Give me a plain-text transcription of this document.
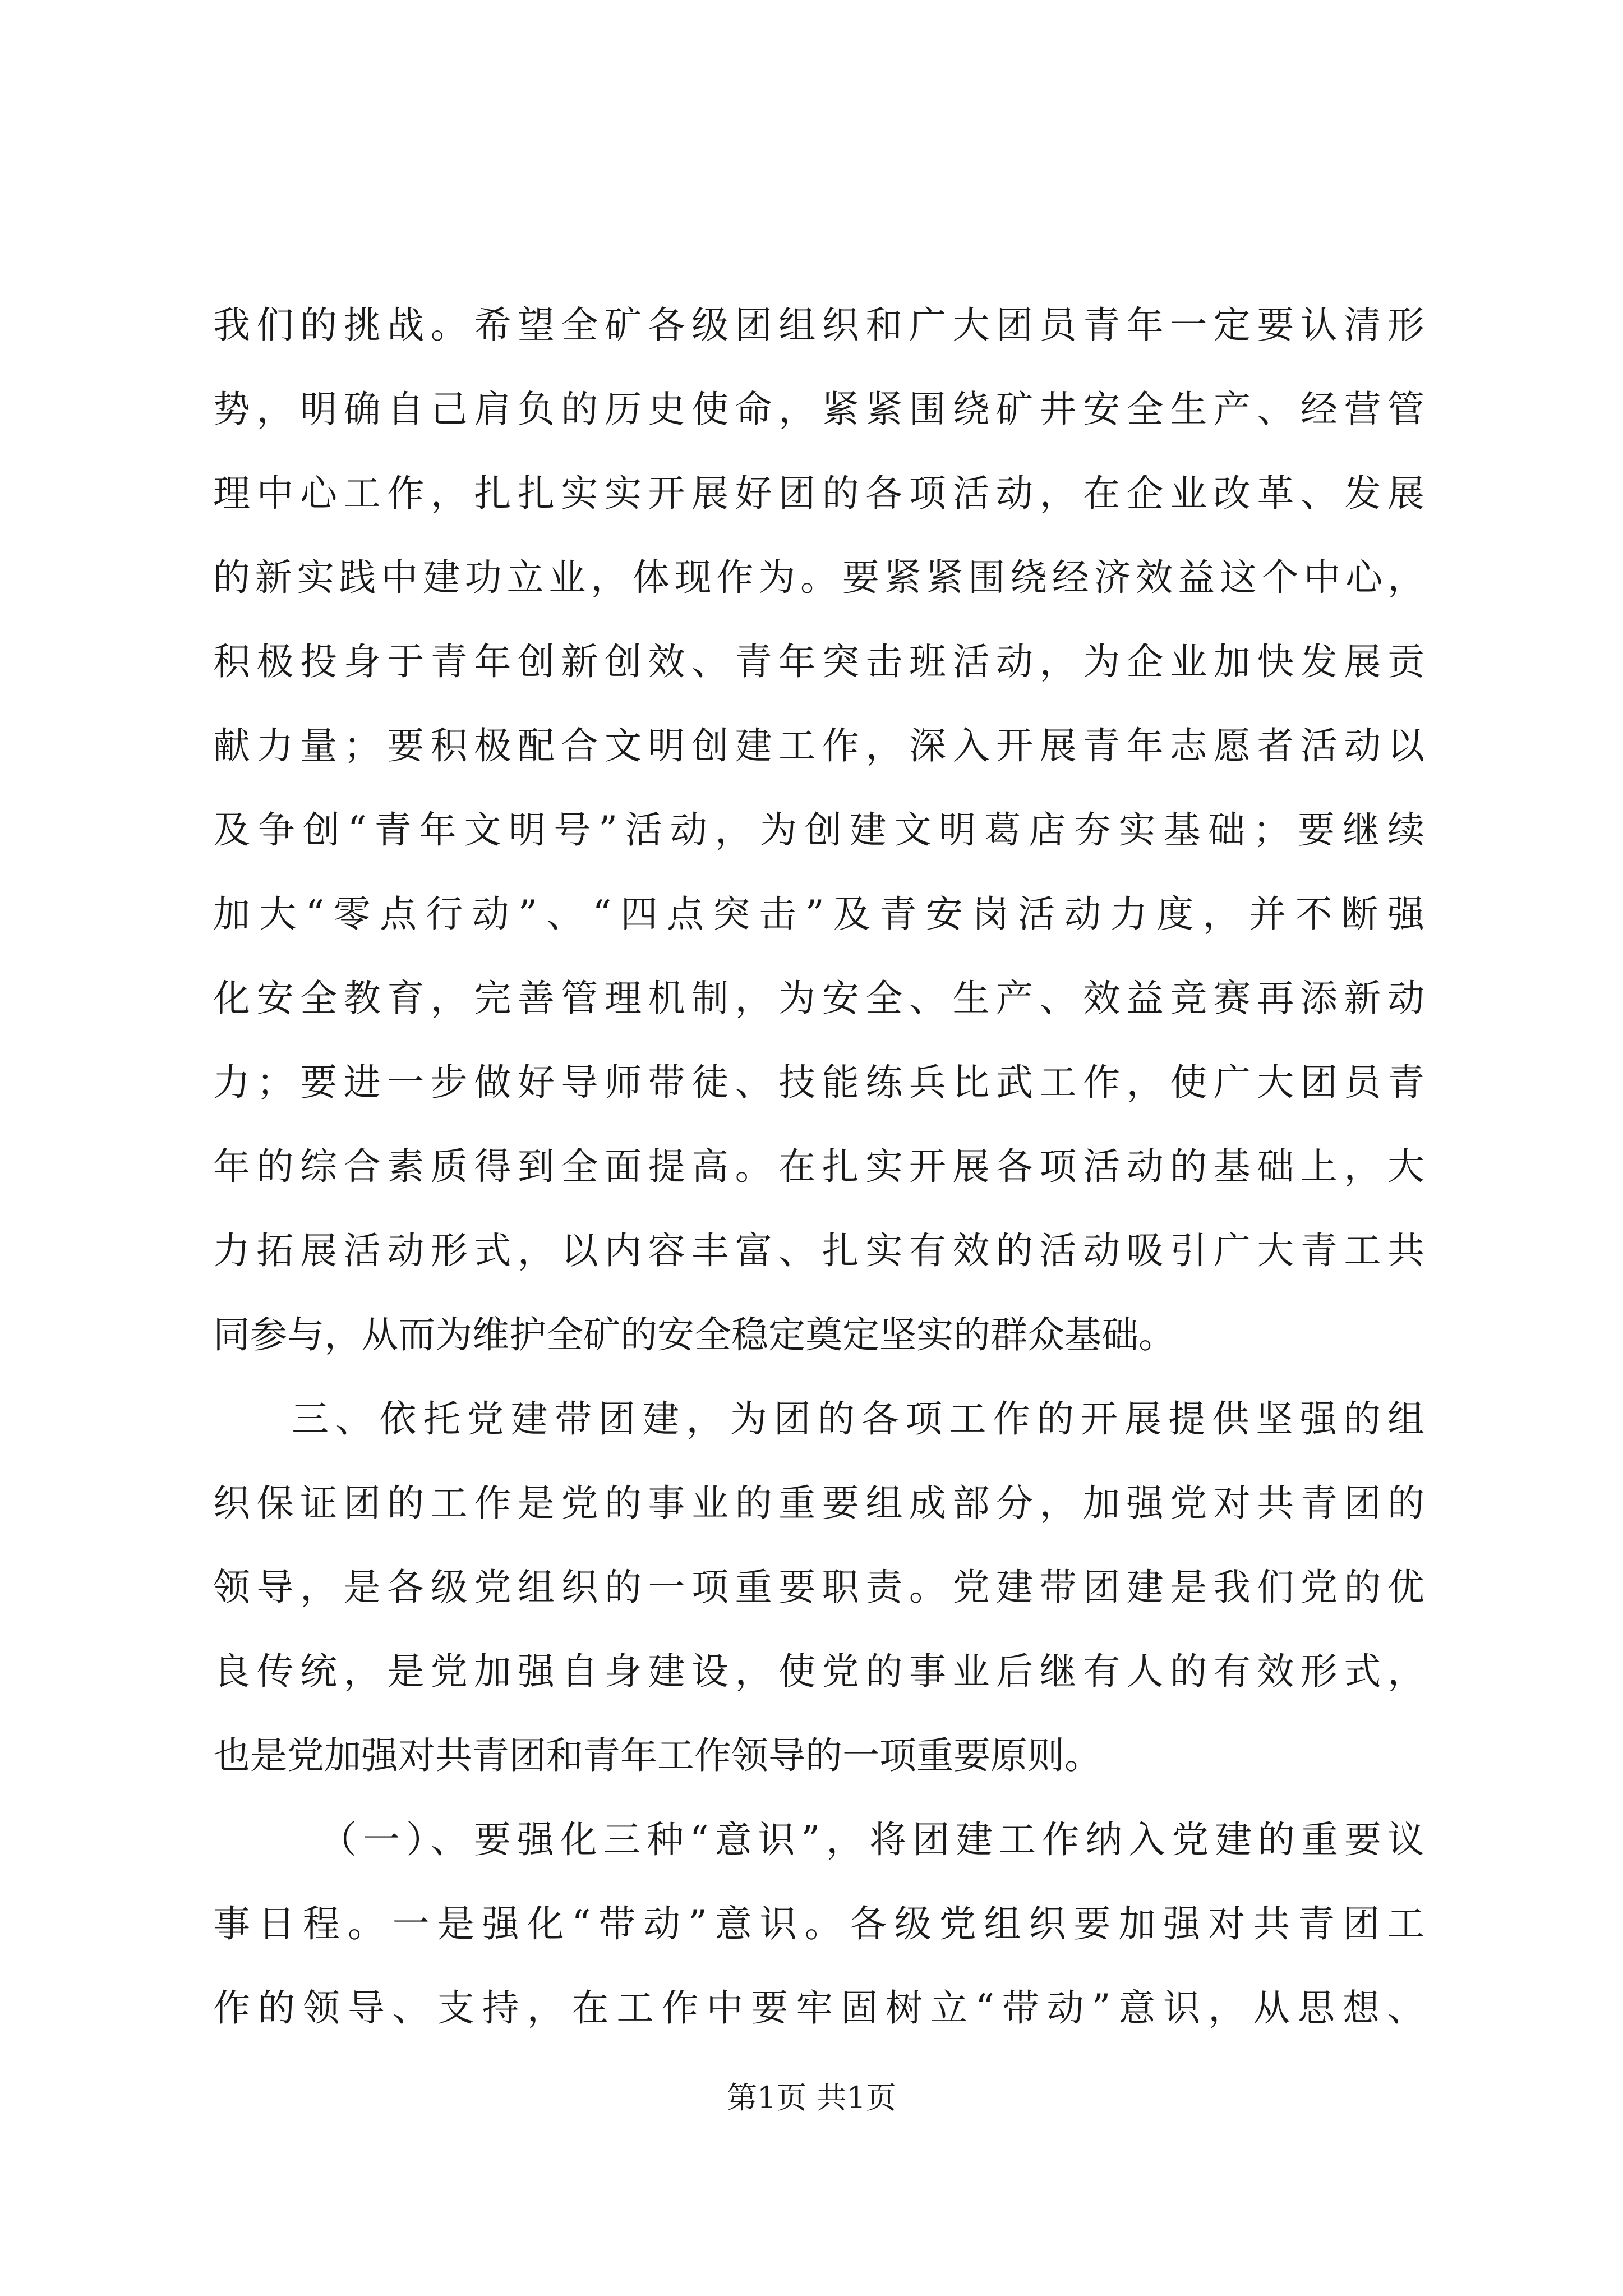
我们的挑战。希望全矿各级团组织和广大团员青年一定要认清形
势，明确自己肩负的历史使命，紧紧围绕矿井安全生产、经营管
理中心工作，扎扎实实开展好团的各项活动，在企业改革、发展
的新实践中建功立业，体现作为。要紧紧围绕经济效益这个中心，
积极投身于青年创新创效、青年突击班活动，为企业加快发展贡
献力量；要积极配合文明创建工作，深入开展青年志愿者活动以
及争创“青年文明号”活动，为创建文明葛店夯实基础；要继续
加大“零点行动”、“四点突击”及青安岗活动力度，并不断强
化安全教育，完善管理机制，为安全、生产、效益竞赛再添新动
力；要进一步做好导师带徒、技能练兵比武工作，使广大团员青
年的综合素质得到全面提高。在扎实开展各项活动的基础上，大
力拓展活动形式，以内容丰富、扎实有效的活动吸引广大青工共
同参与，从而为维护全矿的安全稳定奠定坚实的群众基础。
三、依托党建带团建，为团的各项工作的开展提供坚强的组
织保证团的工作是党的事业的重要组成部分，加强党对共青团的
领导，是各级党组织的一项重要职责。党建带团建是我们党的优
良传统，是党加强自身建设，使党的事业后继有人的有效形式，
也是党加强对共青团和青年工作领导的一项重要原则。
（一）、要强化三种“意识”，将团建工作纳入党建的重要议
事日程。一是强化“带动”意识。各级党组织要加强对共青团工
作的领导、支持，在工作中要牢固树立“带动”意识，从思想、
第1页 共1页
